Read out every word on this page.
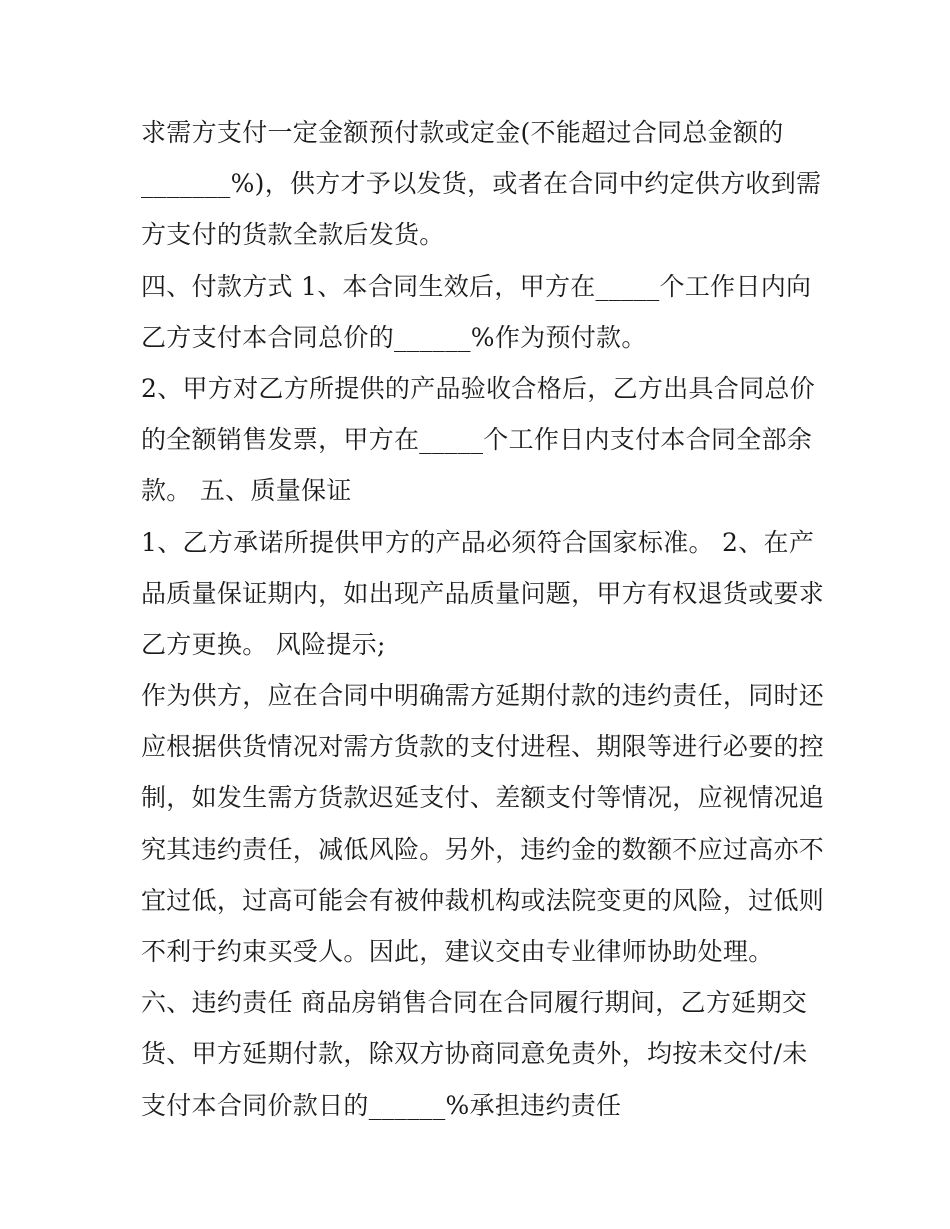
求需方支付一定金额预付款或定金(不能超过合同总金额的
_______%)，供方才予以发货，或者在合同中约定供方收到需
方支付的货款全款后发货。
四、付款方式 1、本合同生效后，甲方在_____个工作日内向
乙方支付本合同总价的______%作为预付款。
2、甲方对乙方所提供的产品验收合格后，乙方出具合同总价
的全额销售发票，甲方在_____个工作日内支付本合同全部余
款。 五、质量保证
1、乙方承诺所提供甲方的产品必须符合国家标准。 2、在产
品质量保证期内，如出现产品质量问题，甲方有权退货或要求
乙方更换。 风险提示;
作为供方，应在合同中明确需方延期付款的违约责任，同时还
应根据供货情况对需方货款的支付进程、期限等进行必要的控
制，如发生需方货款迟延支付、差额支付等情况，应视情况追
究其违约责任，减低风险。另外，违约金的数额不应过高亦不
宜过低，过高可能会有被仲裁机构或法院变更的风险，过低则
不利于约束买受人。因此，建议交由专业律师协助处理。
六、违约责任 商品房销售合同在合同履行期间，乙方延期交
货、甲方延期付款，除双方协商同意免责外，均按未交付/未
支付本合同价款日的______%承担违约责任
